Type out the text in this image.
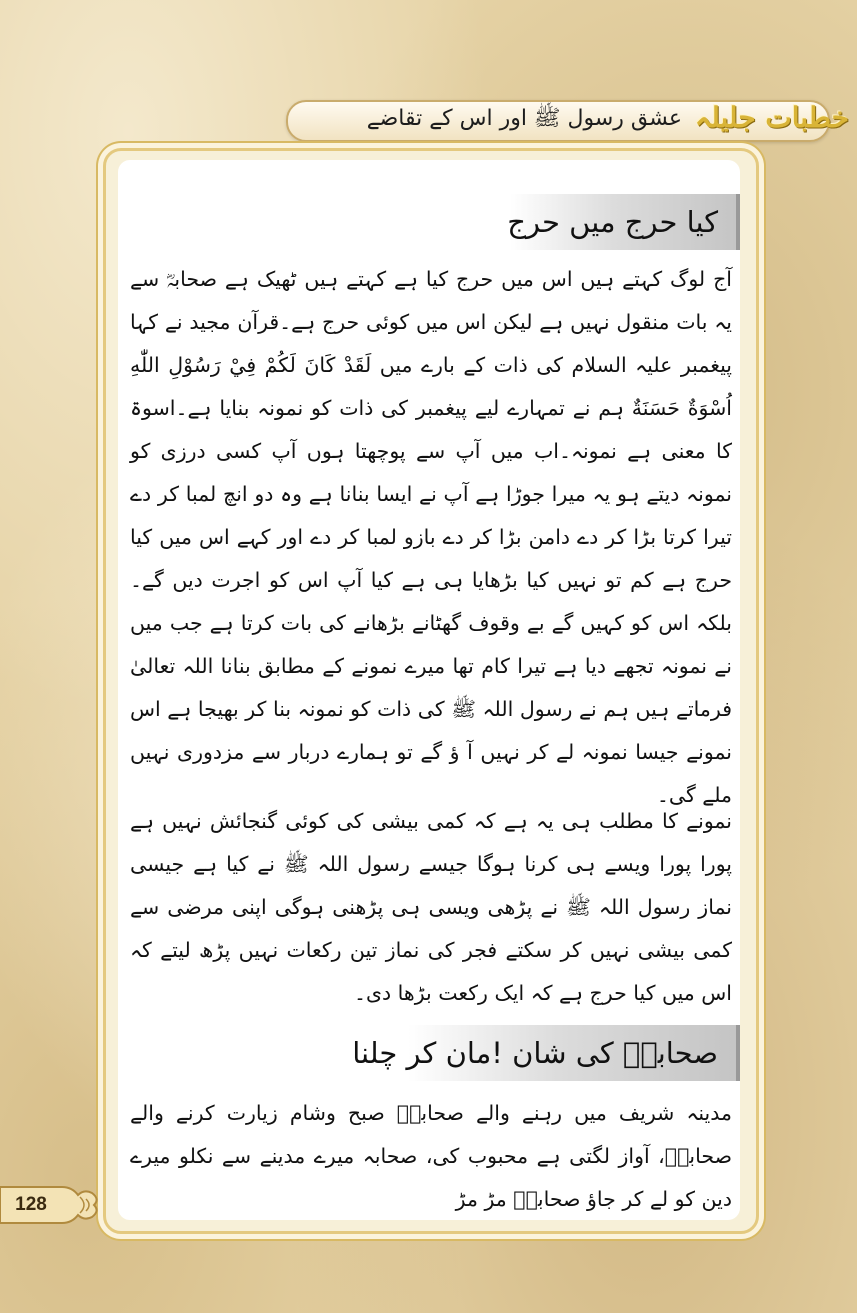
عشق رسول ﷺ اور اس کے تقاضے خطبات جلیلہ
کیا حرج میں حرج

آج لوگ کہتے ہیں اس میں حرج کیا ہے کہتے ہیں ٹھیک ہے صحابہؓ سے یہ بات منقول نہیں ہے لیکن اس میں کوئی حرج ہے۔قرآن مجید نے کہا پیغمبر علیہ السلام کی ذات کے بارے میں لَقَدْ كَانَ لَكُمْ فِيْ رَسُوْلِ اللّٰهِ اُسْوَةٌ حَسَنَةٌ ہم نے تمہارے لیے پیغمبر کی ذات کو نمونہ بنایا ہے۔اسوۃ کا معنی ہے نمونہ۔اب میں آپ سے پوچھتا ہوں آپ کسی درزی کو نمونہ دیتے ہو یہ میرا جوڑا ہے آپ نے ایسا بنانا ہے وہ دو انچ لمبا کر دے تیرا کرتا بڑا کر دے دامن بڑا کر دے بازو لمبا کر دے اور کہے اس میں کیا حرج ہے کم تو نہیں کیا بڑھایا ہی ہے کیا آپ اس کو اجرت دیں گے۔ بلکہ اس کو کہیں گے بے وقوف گھٹانے بڑھانے کی بات کرتا ہے جب میں نے نمونہ تجھے دیا ہے تیرا کام تھا میرے نمونے کے مطابق بنانا اللہ تعالیٰ فرماتے ہیں ہم نے رسول اللہ ﷺ کی ذات کو نمونہ بنا کر بھیجا ہے اس نمونے جیسا نمونہ لے کر نہیں آ ؤ گے تو ہمارے دربار سے مزدوری نہیں ملے گی۔

نمونے کا مطلب ہی یہ ہے کہ کمی بیشی کی کوئی گنجائش نہیں ہے پورا پورا ویسے ہی کرنا ہوگا جیسے رسول اللہ ﷺ نے کیا ہے جیسی نماز رسول اللہ ﷺ نے پڑھی ویسی ہی پڑھنی ہوگی اپنی مرضی سے کمی بیشی نہیں کر سکتے فجر کی نماز تین رکعات نہیں پڑھ لیتے کہ اس میں کیا حرج ہے کہ ایک رکعت بڑھا دی۔

صحابہؓ کی شان !مان کر چلنا

مدینہ شریف میں رہنے والے صحابہؓ صبح وشام زیارت کرنے والے صحابہؓ، آواز لگتی ہے محبوب کی، صحابہ میرے مدینے سے نکلو میرے دین کو لے کر جاؤ صحابہؓ مڑ مڑ

128
